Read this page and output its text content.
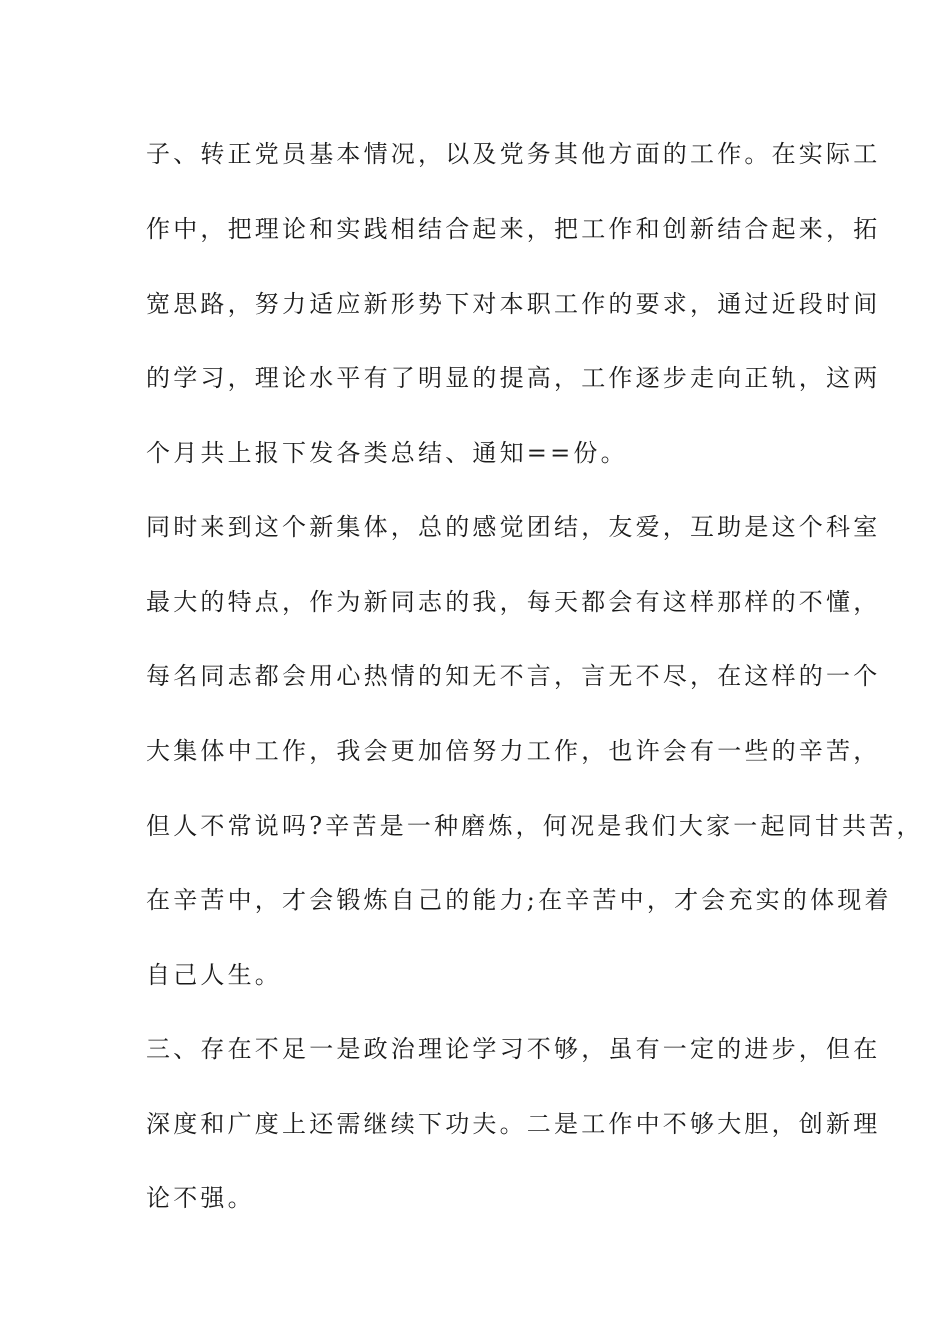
子、转正党员基本情况，以及党务其他方面的工作。在实际工
作中，把理论和实践相结合起来，把工作和创新结合起来，拓
宽思路，努力适应新形势下对本职工作的要求，通过近段时间
的学习，理论水平有了明显的提高，工作逐步走向正轨，这两
个月共上报下发各类总结、通知==份。
同时来到这个新集体，总的感觉团结，友爱，互助是这个科室
最大的特点，作为新同志的我，每天都会有这样那样的不懂，
每名同志都会用心热情的知无不言，言无不尽，在这样的一个
大集体中工作，我会更加倍努力工作，也许会有一些的辛苦，
但人不常说吗?辛苦是一种磨炼，何况是我们大家一起同甘共苦，
在辛苦中，才会锻炼自己的能力;在辛苦中，才会充实的体现着
自己人生。
三、存在不足一是政治理论学习不够，虽有一定的进步，但在
深度和广度上还需继续下功夫。二是工作中不够大胆，创新理
论不强。
